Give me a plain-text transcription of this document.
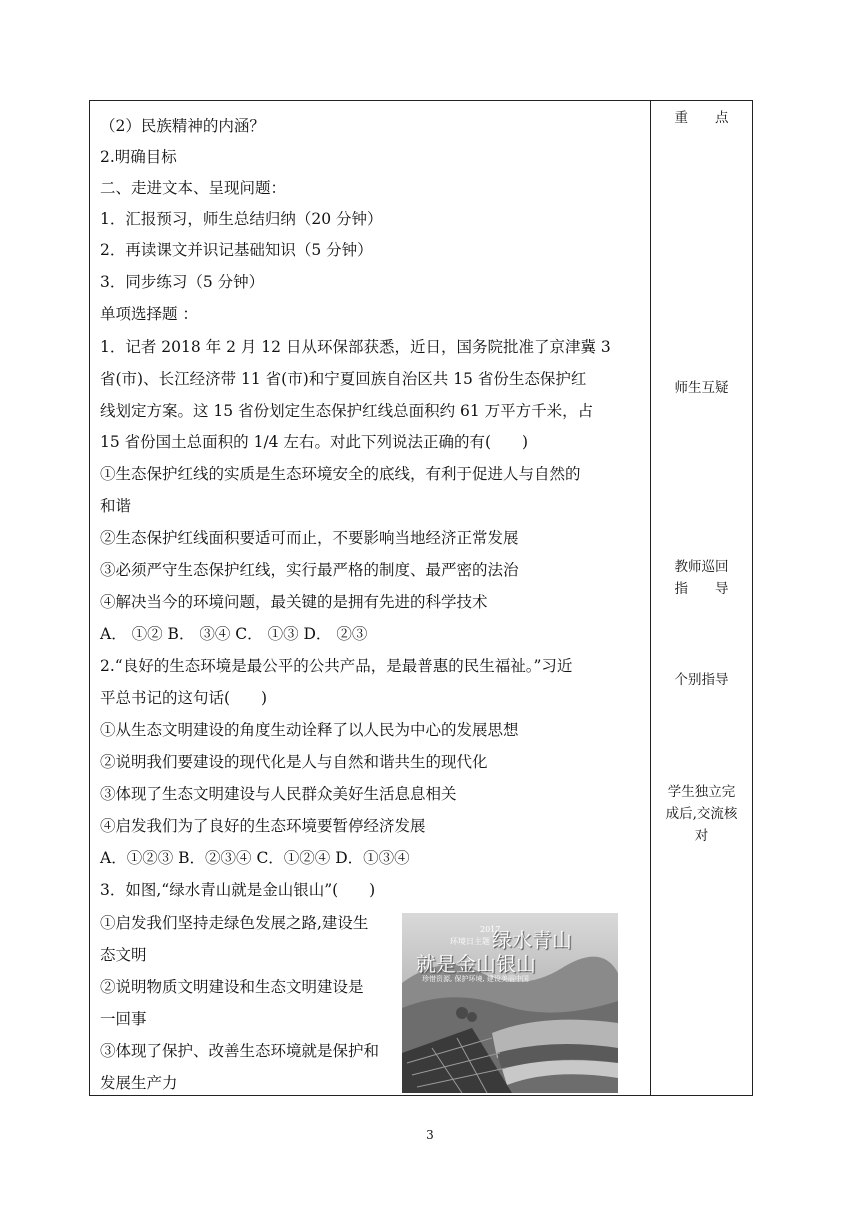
（2）民族精神的内涵？
2.明确目标
二、走进文本、呈现问题：
1．汇报预习，师生总结归纳（20 分钟）
2．再读课文并识记基础知识（5 分钟）
3．同步练习（5 分钟）
单项选择题 ：
1．记者 2018 年 2 月 12 日从环保部获悉，近日，国务院批准了京津冀 3
省(市)、长江经济带 11 省(市)和宁夏回族自治区共 15 省份生态保护红
线划定方案。这 15 省份划定生态保护红线总面积约 61 万平方千米，占
15 省份国土总面积的 1/4 左右。对此下列说法正确的有(　　)
①生态保护红线的实质是生态环境安全的底线，有利于促进人与自然的
和谐
②生态保护红线面积要适可而止，不要影响当地经济正常发展
③必须严守生态保护红线，实行最严格的制度、最严密的法治
④解决当今的环境问题，最关键的是拥有先进的科学技术
A． ①② B． ③④ C． ①③ D． ②③
2.“良好的生态环境是最公平的公共产品，是最普惠的民生福祉。”习近
平总书记的这句话(　　)
①从生态文明建设的角度生动诠释了以人民为中心的发展思想
②说明我们要建设的现代化是人与自然和谐共生的现代化
③体现了生态文明建设与人民群众美好生活息息相关
④启发我们为了良好的生态环境要暂停经济发展
A．①②③ B．②③④ C．①②④ D．①③④
3．如图,“绿水青山就是金山银山”(　　)
①启发我们坚持走绿色发展之路,建设生
态文明
②说明物质文明建设和生态文明建设是
一回事
③体现了保护、改善生态环境就是保护和
发展生产力
2017
环境日主题 绿水青山
就是金山银山
珍惜资源, 保护环境, 建设美丽中国
重　　点
师生互疑
教师巡回
指　　导
个别指导
学生独立完
成后,交流核
对
3
